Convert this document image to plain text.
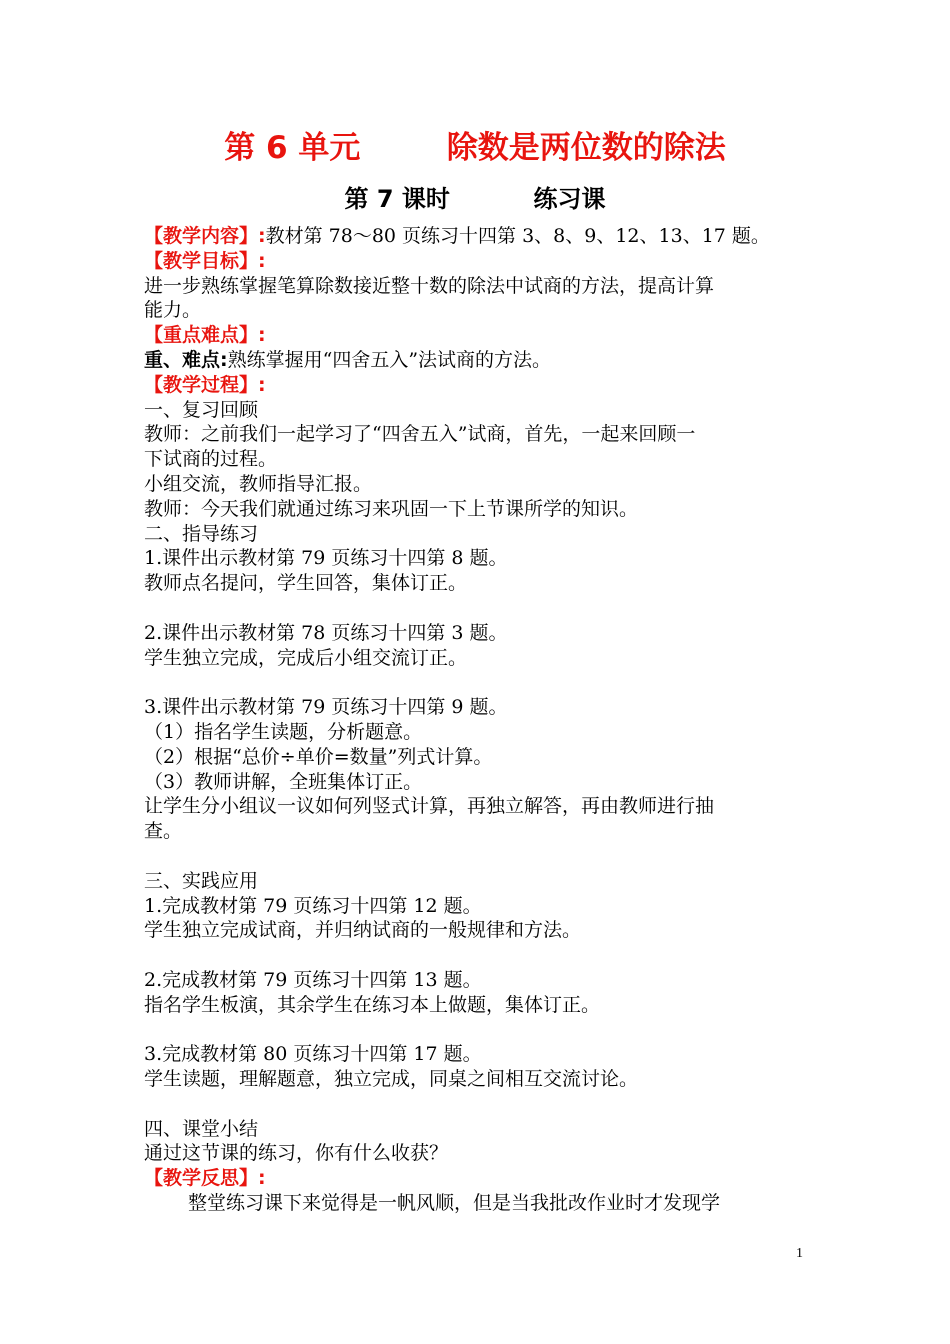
第 6 单元        除数是两位数的除法
第 7 课时          练习课
【教学内容】:教材第 78～80 页练习十四第 3、8、9、12、13、17 题。
【教学目标】:
进一步熟练掌握笔算除数接近整十数的除法中试商的方法，提高计算
能力。
【重点难点】:
重、难点:熟练掌握用“四舍五入”法试商的方法。
【教学过程】:
一、复习回顾
教师：之前我们一起学习了“四舍五入”试商，首先，一起来回顾一
下试商的过程。
小组交流，教师指导汇报。
教师：今天我们就通过练习来巩固一下上节课所学的知识。
二、指导练习
1.课件出示教材第 79 页练习十四第 8 题。
教师点名提问，学生回答，集体订正。
2.课件出示教材第 78 页练习十四第 3 题。
学生独立完成，完成后小组交流订正。
3.课件出示教材第 79 页练习十四第 9 题。
（1）指名学生读题，分析题意。
（2）根据“总价÷单价=数量”列式计算。
（3）教师讲解，全班集体订正。
让学生分小组议一议如何列竖式计算，再独立解答，再由教师进行抽
查。
三、实践应用
1.完成教材第 79 页练习十四第 12 题。
学生独立完成试商，并归纳试商的一般规律和方法。
2.完成教材第 79 页练习十四第 13 题。
指名学生板演，其余学生在练习本上做题，集体订正。
3.完成教材第 80 页练习十四第 17 题。
学生读题，理解题意，独立完成，同桌之间相互交流讨论。
四、课堂小结
通过这节课的练习，你有什么收获？
【教学反思】:
整堂练习课下来觉得是一帆风顺，但是当我批改作业时才发现学
1
